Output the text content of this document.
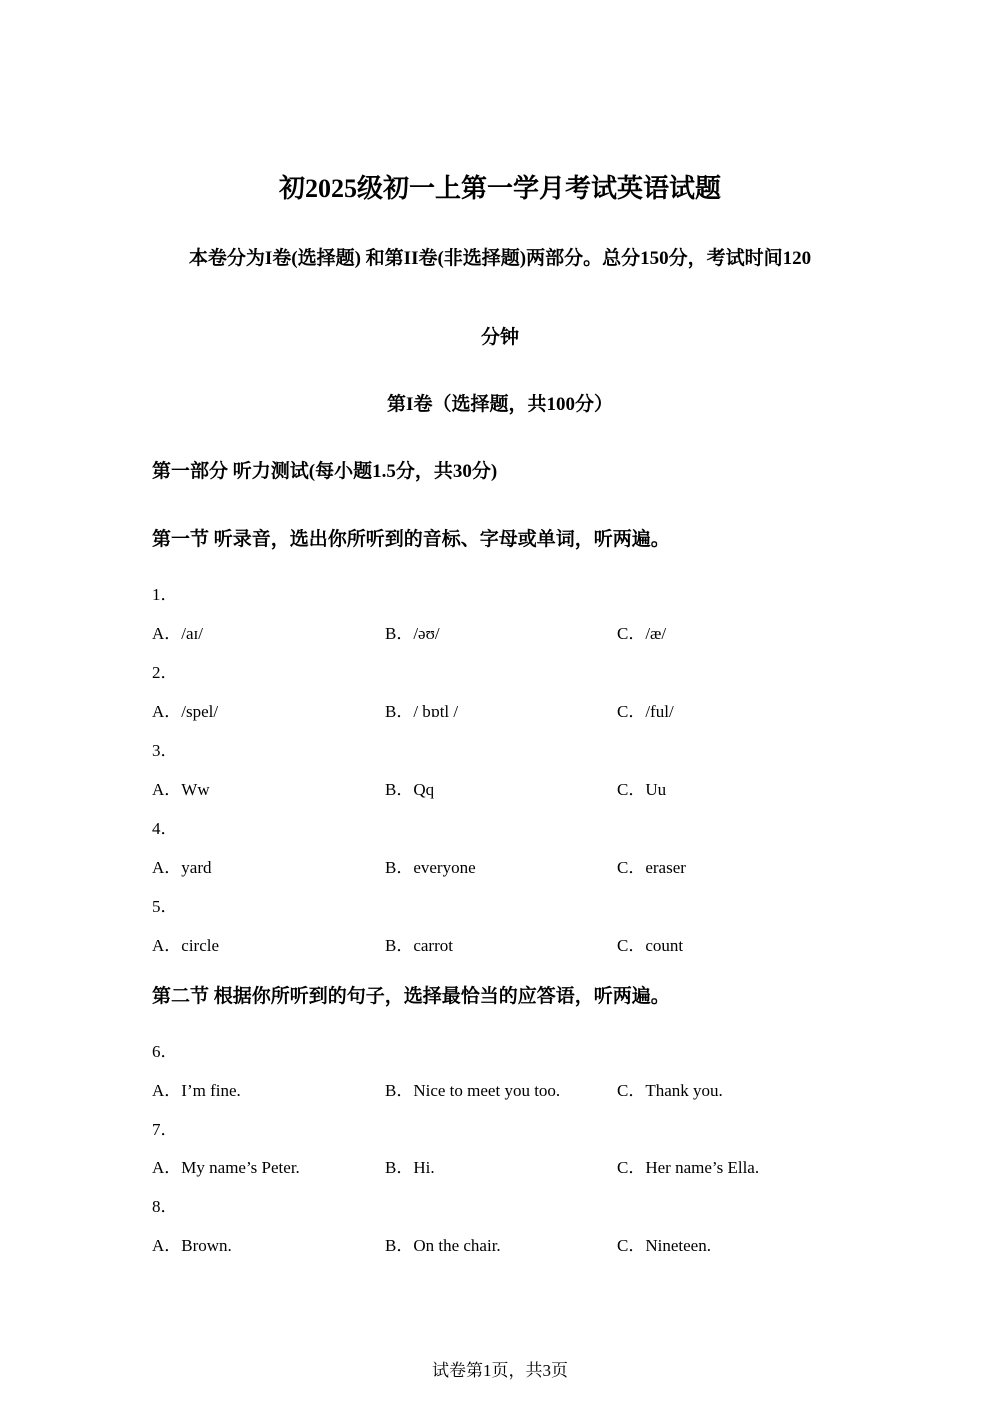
初2025级初一上第一学月考试英语试题
本卷分为I卷(选择题) 和第II卷(非选择题)两部分。总分150分，考试时间120
分钟
第I卷（选择题，共100分）
第一部分 听力测试(每小题1.5分，共30分)
第一节 听录音，选出你所听到的音标、字母或单词，听两遍。
1．
A．/aɪ/	B．/əʊ/	C．/æ/
2．
A．/spel/	B．/ bɒtl /	C．/ful/
3．
A．Ww	B．Qq	C．Uu
4．
A．yard	B．everyone	C．eraser
5．
A．circle	B．carrot	C．count
第二节 根据你所听到的句子，选择最恰当的应答语，听两遍。
6．
A．I’m fine.	B．Nice to meet you too.	C．Thank you.
7．
A．My name’s Peter.	B．Hi.	C．Her name’s Ella.
8．
A．Brown.	B．On the chair.	C．Nineteen.
试卷第1页，共3页
